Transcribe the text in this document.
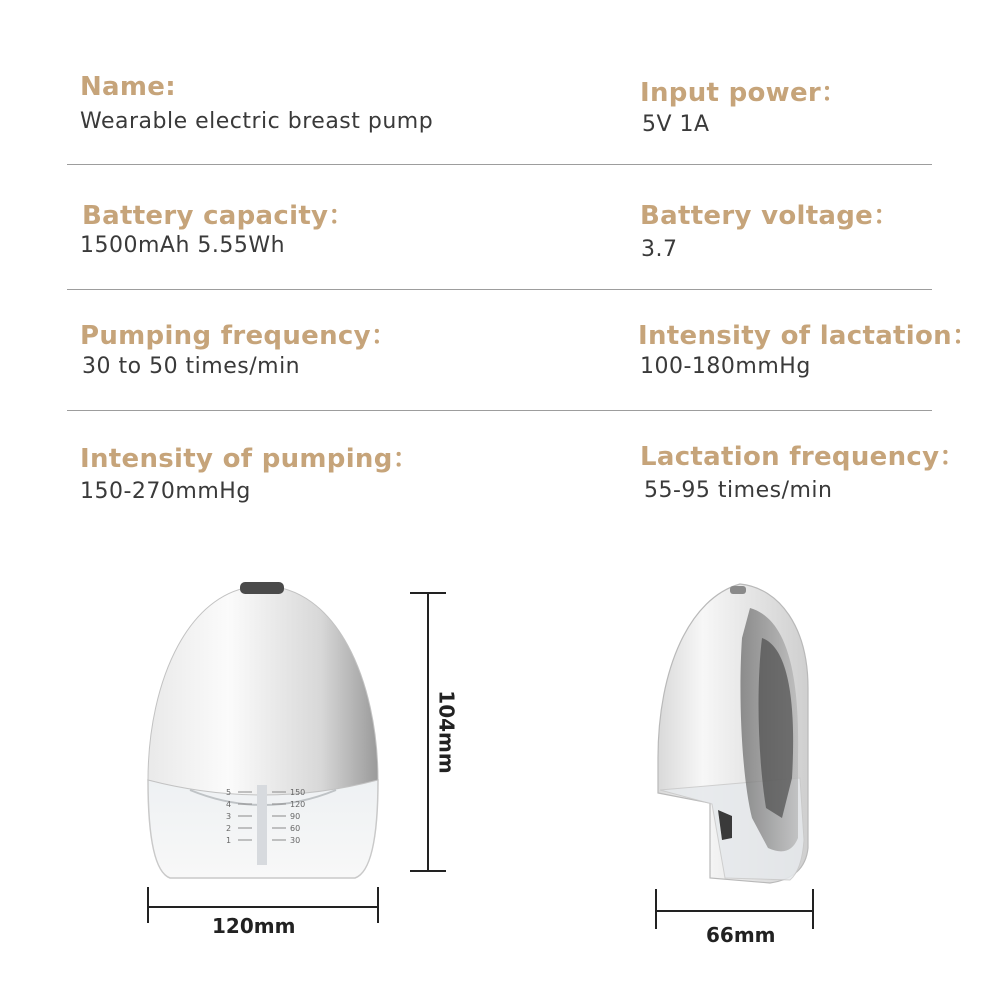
Name:
Wearable electric breast pump
Input power：
5V 1A
Battery capacity：
1500mAh 5.55Wh
Battery voltage：
3.7
Pumping frequency：
30 to 50 times/min
Intensity of lactation：
100-180mmHg
Intensity of pumping：
150-270mmHg
Lactation frequency：
55-95 times/min
5
4
3
2
1
150
120
90
60
30
104mm
120mm	66mm
